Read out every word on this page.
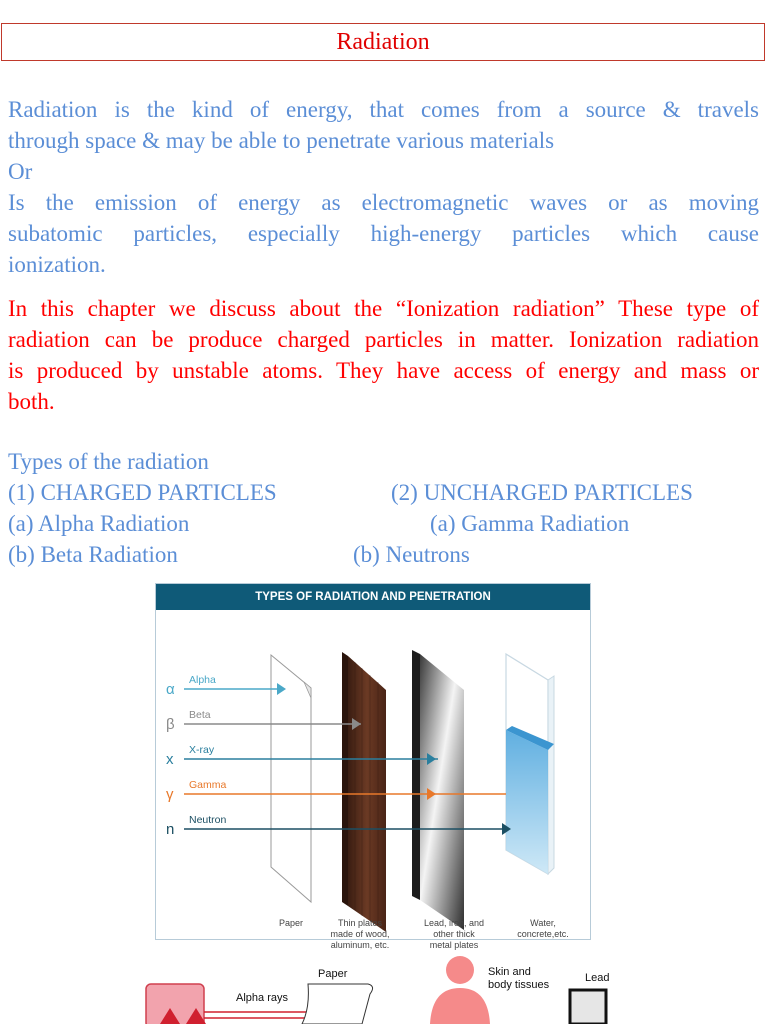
Radiation
Radiation is the kind of energy, that comes from a source & travels
through space & may be able to penetrate various materials
Or
Is the emission of energy as electromagnetic waves or as moving
subatomic particles, especially high-energy particles which cause
ionization.
In this chapter we discuss about the “Ionization radiation” These type of
radiation can be produce charged particles in matter. Ionization radiation
is produced by unstable atoms. They have access of energy and mass or
both.
Types of the radiation
(1) CHARGED PARTICLES	(2) UNCHARGED PARTICLES
(a) Alpha Radiation	(a) Gamma Radiation
(b) Beta Radiation	(b) Neutrons
TYPES OF RADIATION AND PENETRATION
α
Alpha
β
Beta
x
X-ray
γ
Gamma
n
Neutron
Paper	Thin plates
made of wood,
aluminum, etc.
Lead, iron, and
other thick
metal plates
Water,
concrete,etc.
Alpha rays
Paper	Skin and
body tissues
Lead
